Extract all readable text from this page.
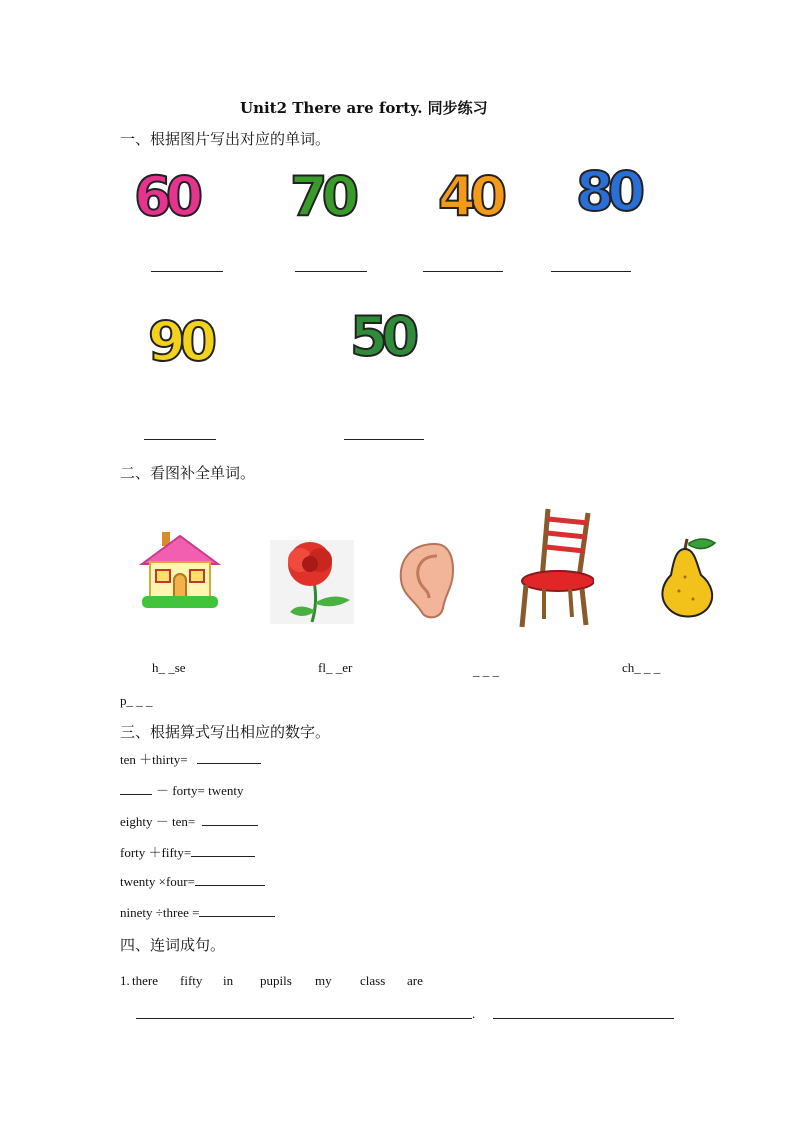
Unit2 There are forty. 同步练习
一、根据图片写出对应的单词。
60 70 40 80
90	50
二、看图补全单词。
h_ _se	fl_ _er	_ _ _	ch_ _ _
p_ _ _
三、根据算式写出相应的数字。
ten ＋thirty=
－ forty= twenty
eighty － ten=
forty ＋fifty=
twenty ×four=
ninety ÷three =
四、连词成句。
1. there fifty in pupils my class are
.
